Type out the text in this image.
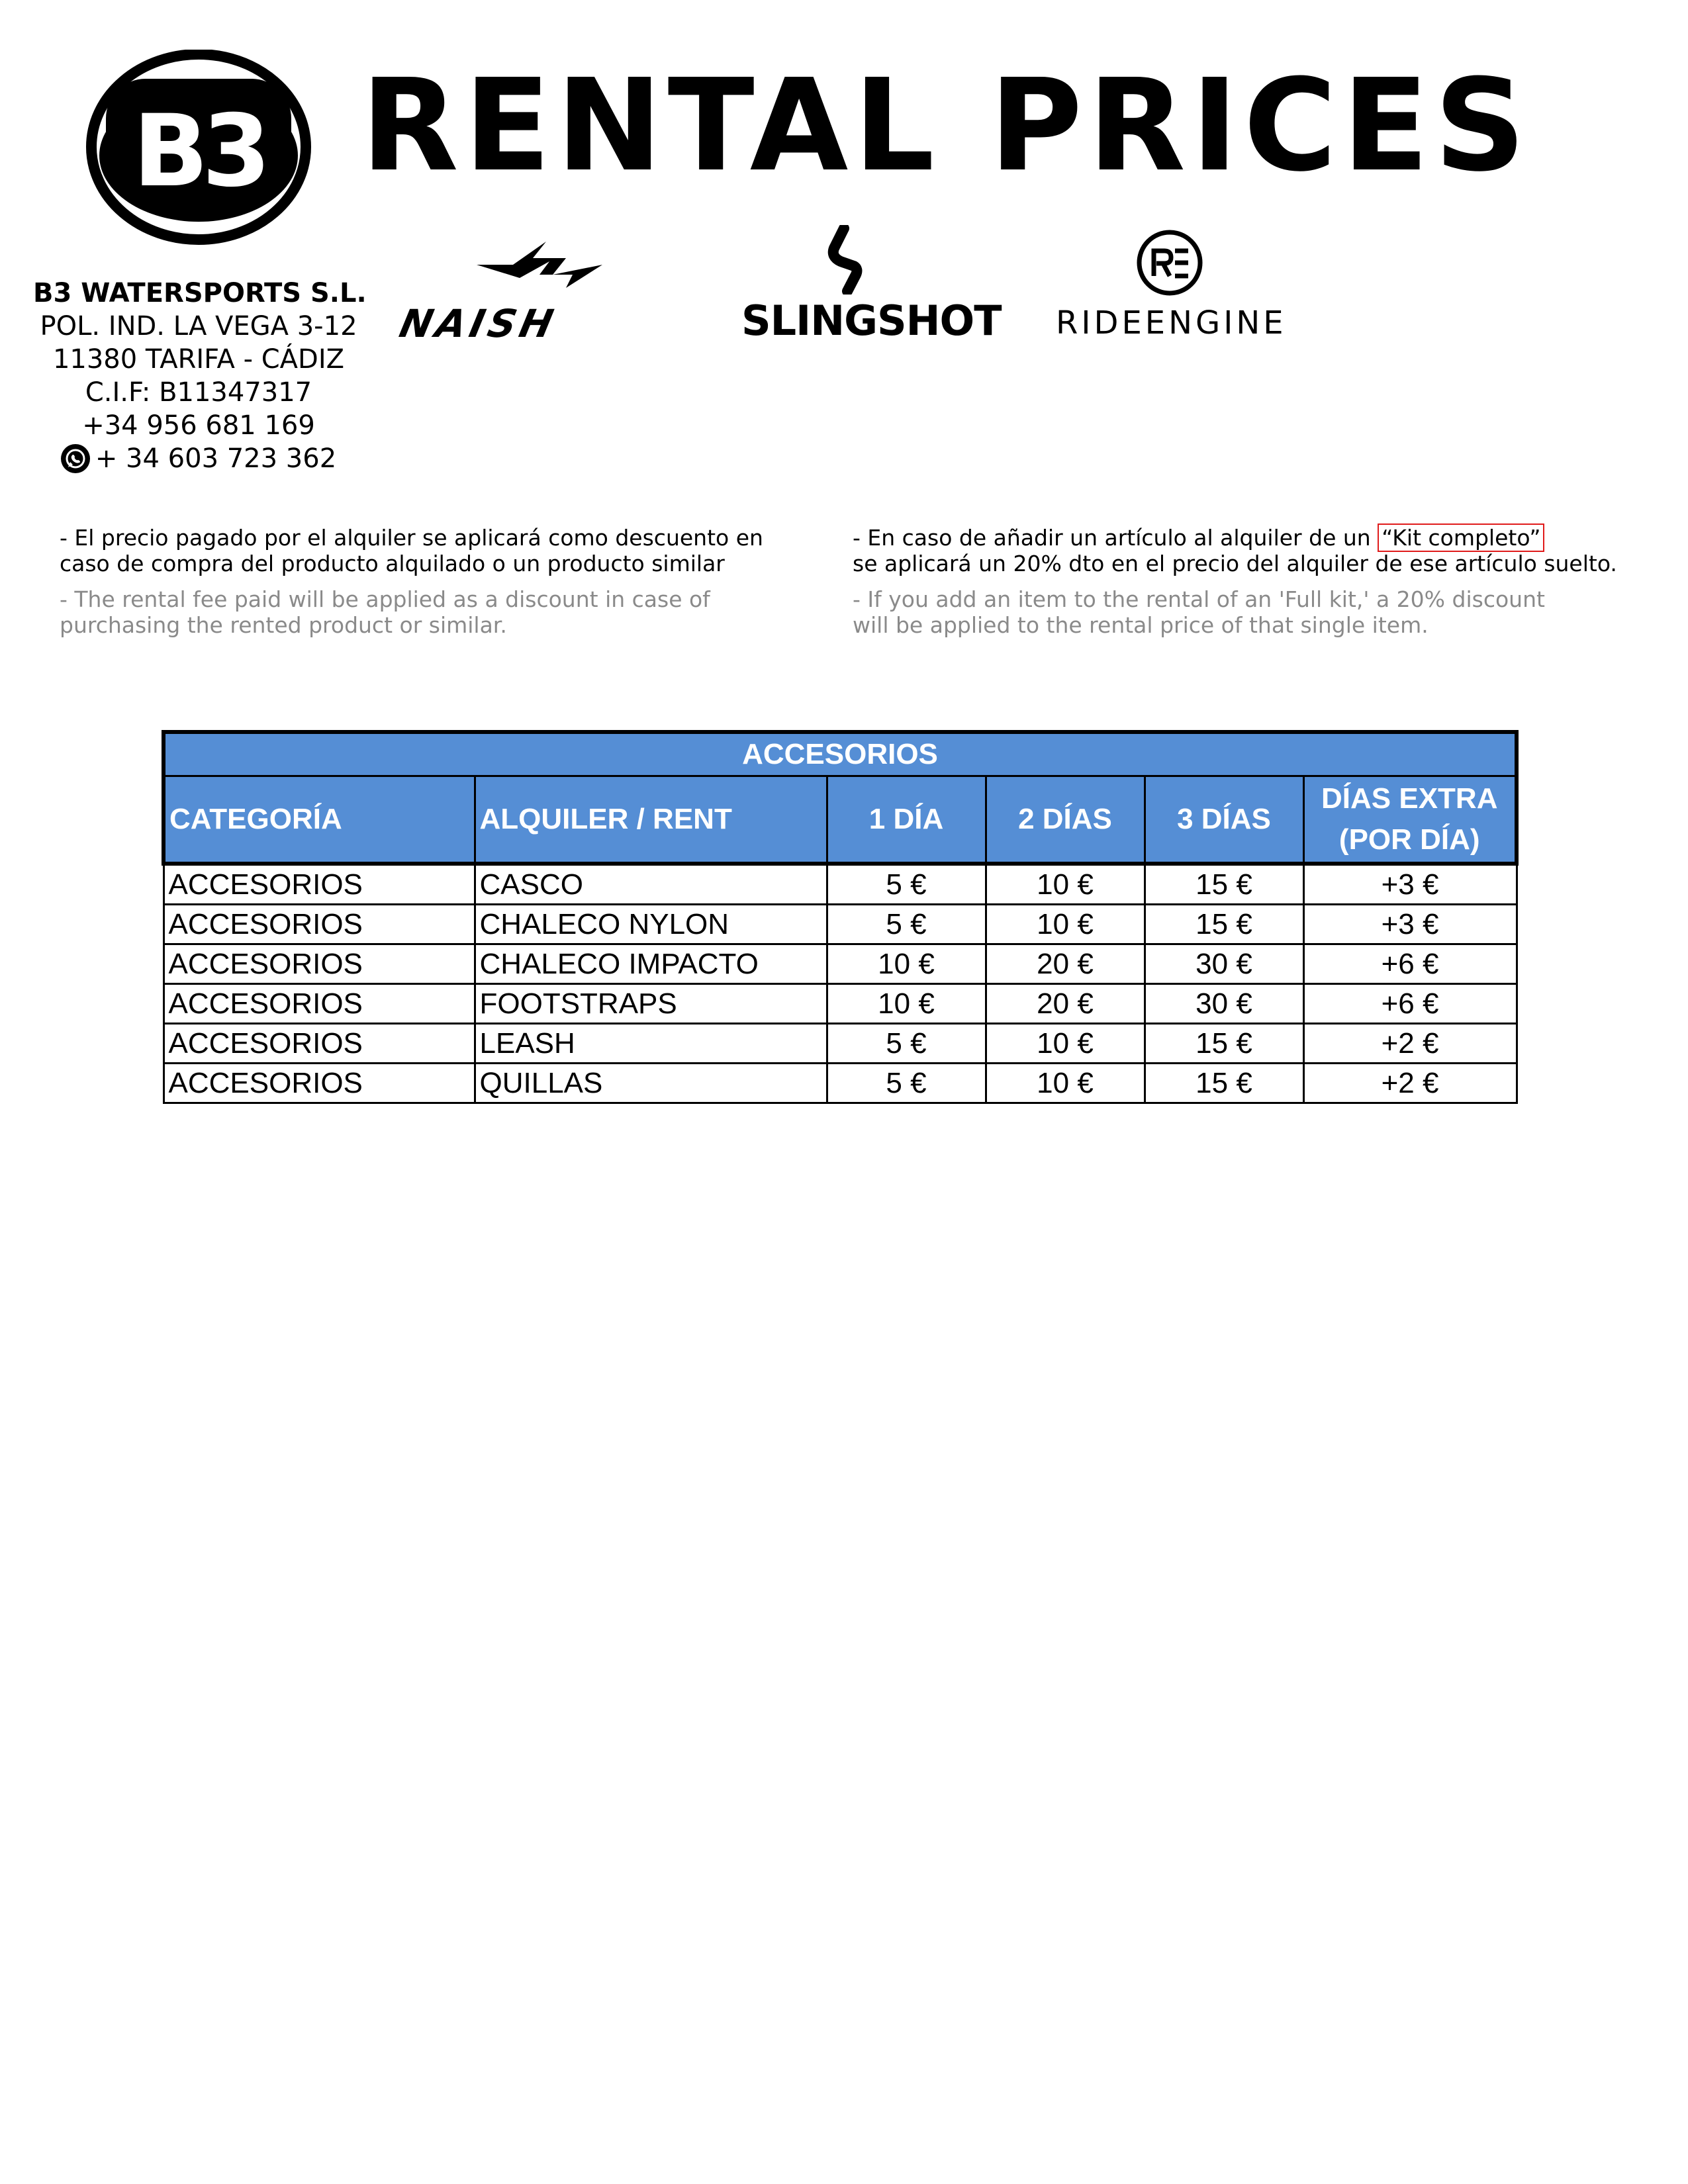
B3 RENTAL PRICES
B3 WATERSPORTS S.L.
POL. IND. LA VEGA 3-12
11380 TARIFA - CÁDIZ
C.I.F: B11347317
+34 956 681 169
+ 34 603 723 362
NAISH	SLINGSHOT RIDEENGINE
- El precio pagado por el alquiler se aplicará como descuento en
caso de compra del producto alquilado o un producto similar
- The rental fee paid will be applied as a discount in case of
purchasing the rented product or similar.
- En caso de añadir un artículo al alquiler de un “Kit completo”
se aplicará un 20% dto en el precio del alquiler de ese artículo suelto.
- If you add an item to the rental of an 'Full kit,' a 20% discount
will be applied to the rental price of that single item.
ACCESORIOS					
CATEGORÍA	ALQUILER / RENT	1 DÍA	2 DÍAS	3 DÍAS	DÍAS EXTRA
(POR DÍA)

ACCESORIOS	CASCO	5 €	10 €	15 €	+3 €
ACCESORIOS	CHALECO NYLON	5 €	10 €	15 €	+3 €
ACCESORIOS	CHALECO IMPACTO	10 €	20 €	30 €	+6 €
ACCESORIOS	FOOTSTRAPS	10 €	20 €	30 €	+6 €
ACCESORIOS	LEASH	5 €	10 €	15 €	+2 €
ACCESORIOS	QUILLAS	5 €	10 €	15 €	+2 €
